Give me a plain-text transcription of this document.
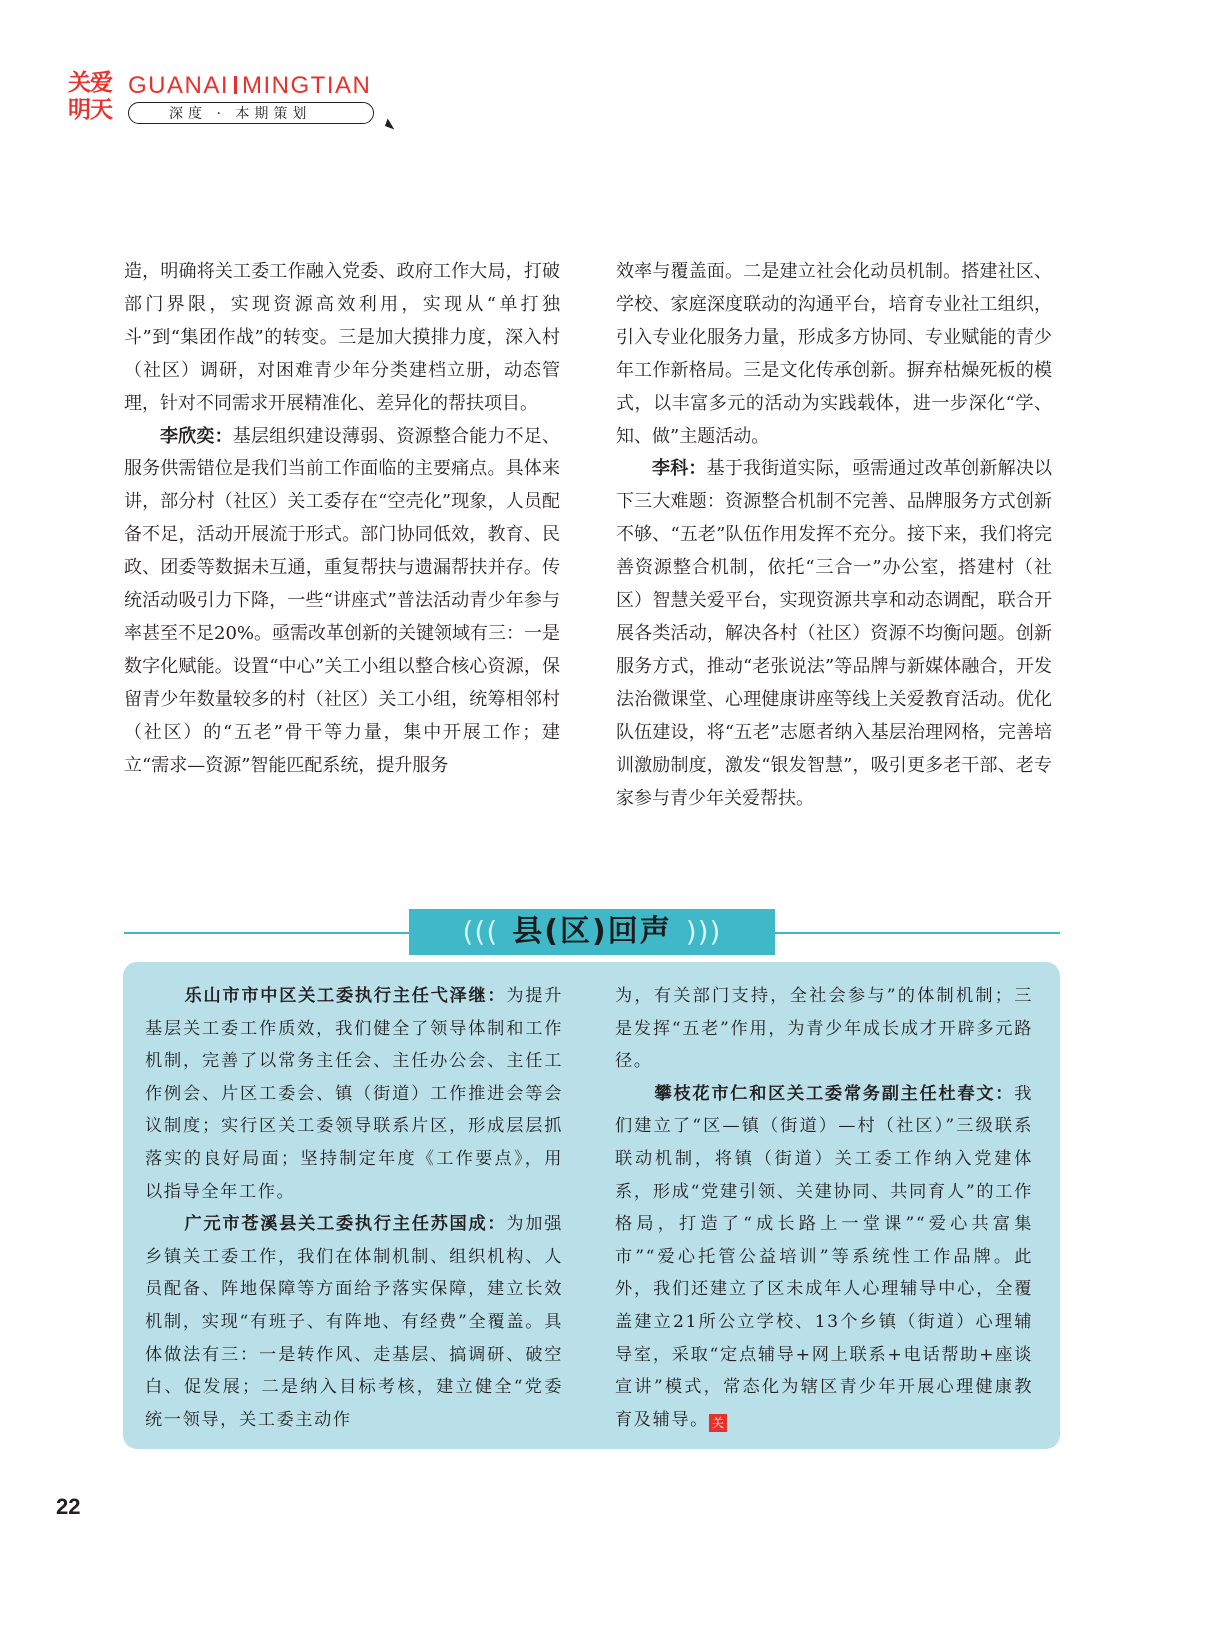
关爱
明天
GUANAI MINGTIAN
深度 · 本期策划

造，明确将关工委工作融入党委、政府工作大局，打破部门界限，实现资源高效利用，实现从“单打独斗”到“集团作战”的转变。三是加大摸排力度，深入村（社区）调研，对困难青少年分类建档立册，动态管理，针对不同需求开展精准化、差异化的帮扶项目。

李欣奕：基层组织建设薄弱、资源整合能力不足、服务供需错位是我们当前工作面临的主要痛点。具体来讲，部分村（社区）关工委存在“空壳化”现象，人员配备不足，活动开展流于形式。部门协同低效，教育、民政、团委等数据未互通，重复帮扶与遗漏帮扶并存。传统活动吸引力下降，一些“讲座式”普法活动青少年参与率甚至不足20%。亟需改革创新的关键领域有三：一是数字化赋能。设置“中心”关工小组以整合核心资源，保留青少年数量较多的村（社区）关工小组，统筹相邻村（社区）的“五老”骨干等力量，集中开展工作；建立“需求—资源”智能匹配系统，提升服务

效率与覆盖面。二是建立社会化动员机制。搭建社区、学校、家庭深度联动的沟通平台，培育专业社工组织，引入专业化服务力量，形成多方协同、专业赋能的青少年工作新格局。三是文化传承创新。摒弃枯燥死板的模式，以丰富多元的活动为实践载体，进一步深化“学、知、做”主题活动。

李科：基于我街道实际，亟需通过改革创新解决以下三大难题：资源整合机制不完善、品牌服务方式创新不够、“五老”队伍作用发挥不充分。接下来，我们将完善资源整合机制，依托“三合一”办公室，搭建村（社区）智慧关爱平台，实现资源共享和动态调配，联合开展各类活动，解决各村（社区）资源不均衡问题。创新服务方式，推动“老张说法”等品牌与新媒体融合，开发法治微课堂、心理健康讲座等线上关爱教育活动。优化队伍建设，将“五老”志愿者纳入基层治理网格，完善培训激励制度，激发“银发智慧”，吸引更多老干部、老专家参与青少年关爱帮扶。

((( 县(区)回声 )))

乐山市市中区关工委执行主任弋泽继：为提升基层关工委工作质效，我们健全了领导体制和工作机制，完善了以常务主任会、主任办公会、主任工作例会、片区工委会、镇（街道）工作推进会等会议制度；实行区关工委领导联系片区，形成层层抓落实的良好局面；坚持制定年度《工作要点》，用以指导全年工作。

广元市苍溪县关工委执行主任苏国成：为加强乡镇关工委工作，我们在体制机制、组织机构、人员配备、阵地保障等方面给予落实保障，建立长效机制，实现“有班子、有阵地、有经费”全覆盖。具体做法有三：一是转作风、走基层、搞调研、破空白、促发展；二是纳入目标考核，建立健全“党委统一领导，关工委主动作

为，有关部门支持，全社会参与”的体制机制；三是发挥“五老”作用，为青少年成长成才开辟多元路径。

攀枝花市仁和区关工委常务副主任杜春文：我们建立了“区—镇（街道）—村（社区）”三级联系联动机制，将镇（街道）关工委工作纳入党建体系，形成“党建引领、关建协同、共同育人”的工作格局，打造了“成长路上一堂课”“爱心共富集市”“爱心托管公益培训”等系统性工作品牌。此外，我们还建立了区未成年人心理辅导中心，全覆盖建立21所公立学校、13个乡镇（街道）心理辅导室，采取“定点辅导+网上联系+电话帮助+座谈宣讲”模式，常态化为辖区青少年开展心理健康教育及辅导。 关

22
